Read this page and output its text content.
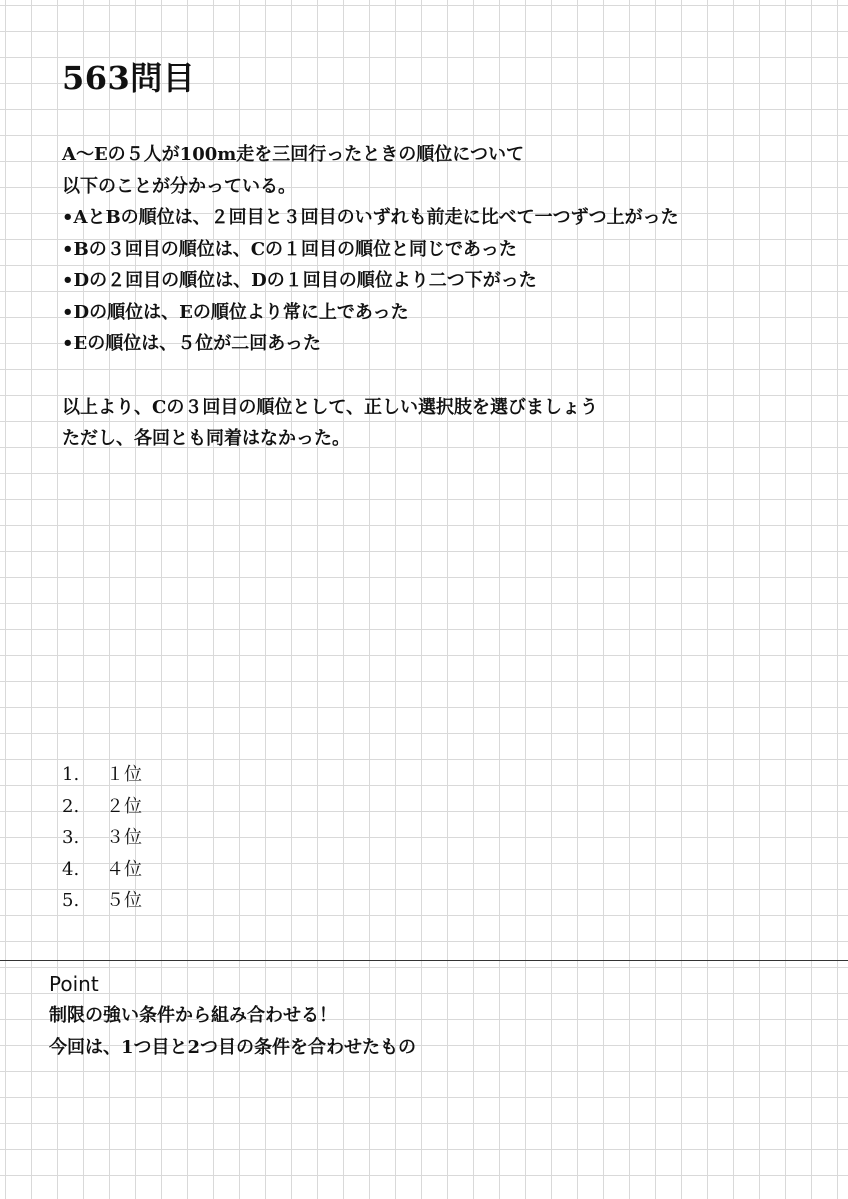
563問目
A〜Eの５人が100m走を三回行ったときの順位について
以下のことが分かっている。
•AとBの順位は、２回目と３回目のいずれも前走に比べて一つずつ上がった
•Bの３回目の順位は、Cの１回目の順位と同じであった
•Dの２回目の順位は、Dの１回目の順位より二つ下がった
•Dの順位は、Eの順位より常に上であった
•Eの順位は、５位が二回あった
以上より、Cの３回目の順位として、正しい選択肢を選びましょう
ただし、各回とも同着はなかった。
1.	１位
2.	２位
3.	３位
4.	４位
5.	５位
Point
制限の強い条件から組み合わせる！
今回は、1つ目と2つ目の条件を合わせたもの
